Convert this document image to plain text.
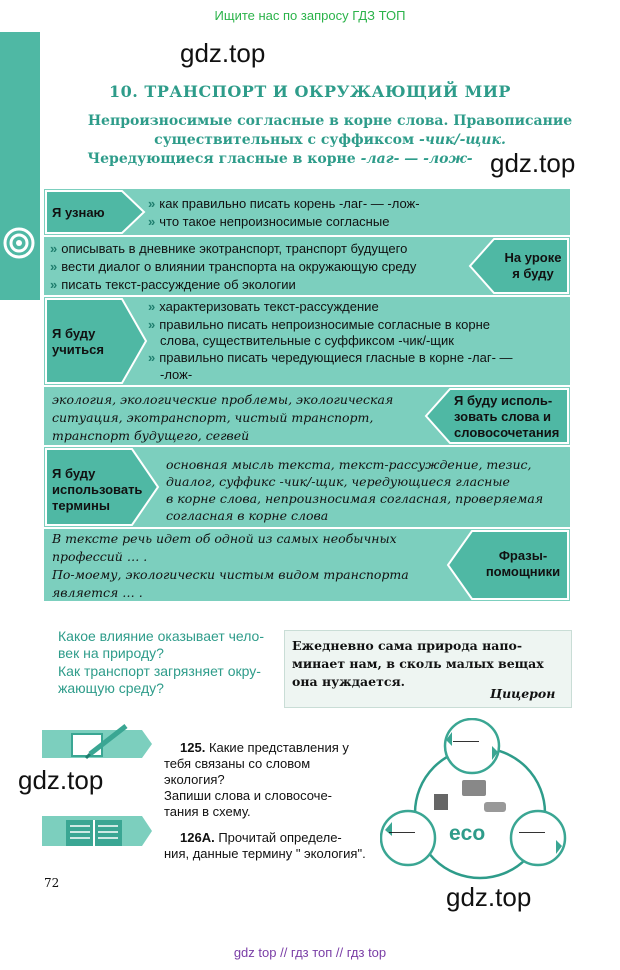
Ищите нас по запросу ГДЗ ТОП
gdz.top
gdz.top
gdz.top
gdz.top
10. ТРАНСПОРТ И ОКРУЖАЮЩИЙ МИР
Непроизносимые согласные в корне слова. Правописание
существительных с суффиксом -чик/-щик.
Чередующиеся гласные в корне -лаг- — -лож-
Я узнаю
» как правильно писать корень -лаг- — -лож-
» что такое непроизносимые согласные
На уроке
я буду
» описывать в дневнике экотранспорт, транспорт будущего
» вести диалог о влиянии транспорта на окружающую среду
» писать текст-рассуждение об экологии
Я буду
учиться
» характеризовать текст-рассуждение
» правильно писать непроизносимые согласные в корне
слова, существительные с суффиксом -чик/-щик
» правильно писать чередующиеся гласные в корне -лаг- —
-лож-
Я буду исполь-
зовать слова и
словосочетания
экология, экологические проблемы, экологическая
ситуация, экотранспорт, чистый транспорт,
транспорт будущего, сегвей
Я буду
использовать
термины
основная мысль текста, текст-рассуждение, тезис,
диалог, суффикс -чик/-щик, чередующиеся гласные
в корне слова, непроизносимая согласная, проверяемая
согласная в корне слова
Фразы-
помощники
В тексте речь идет об одной из самых необычных
профессий … .
По-моему, экологически чистым видом транспорта
является … .
Какое влияние оказывает чело-
век на природу?
Как транспорт загрязняет окру-
жающую среду?
Ежедневно сама природа напо-
минает нам, в сколь малых вещах
она нуждается.
Цицерон
125. Какие представления у
тебя связаны со словом экология?
Запиши слова и словосоче-
тания в схему.
126А. Прочитай определе-
ния, данные термину " экология".
——
——	——
eco
72
gdz top // гдз топ // гдз top
